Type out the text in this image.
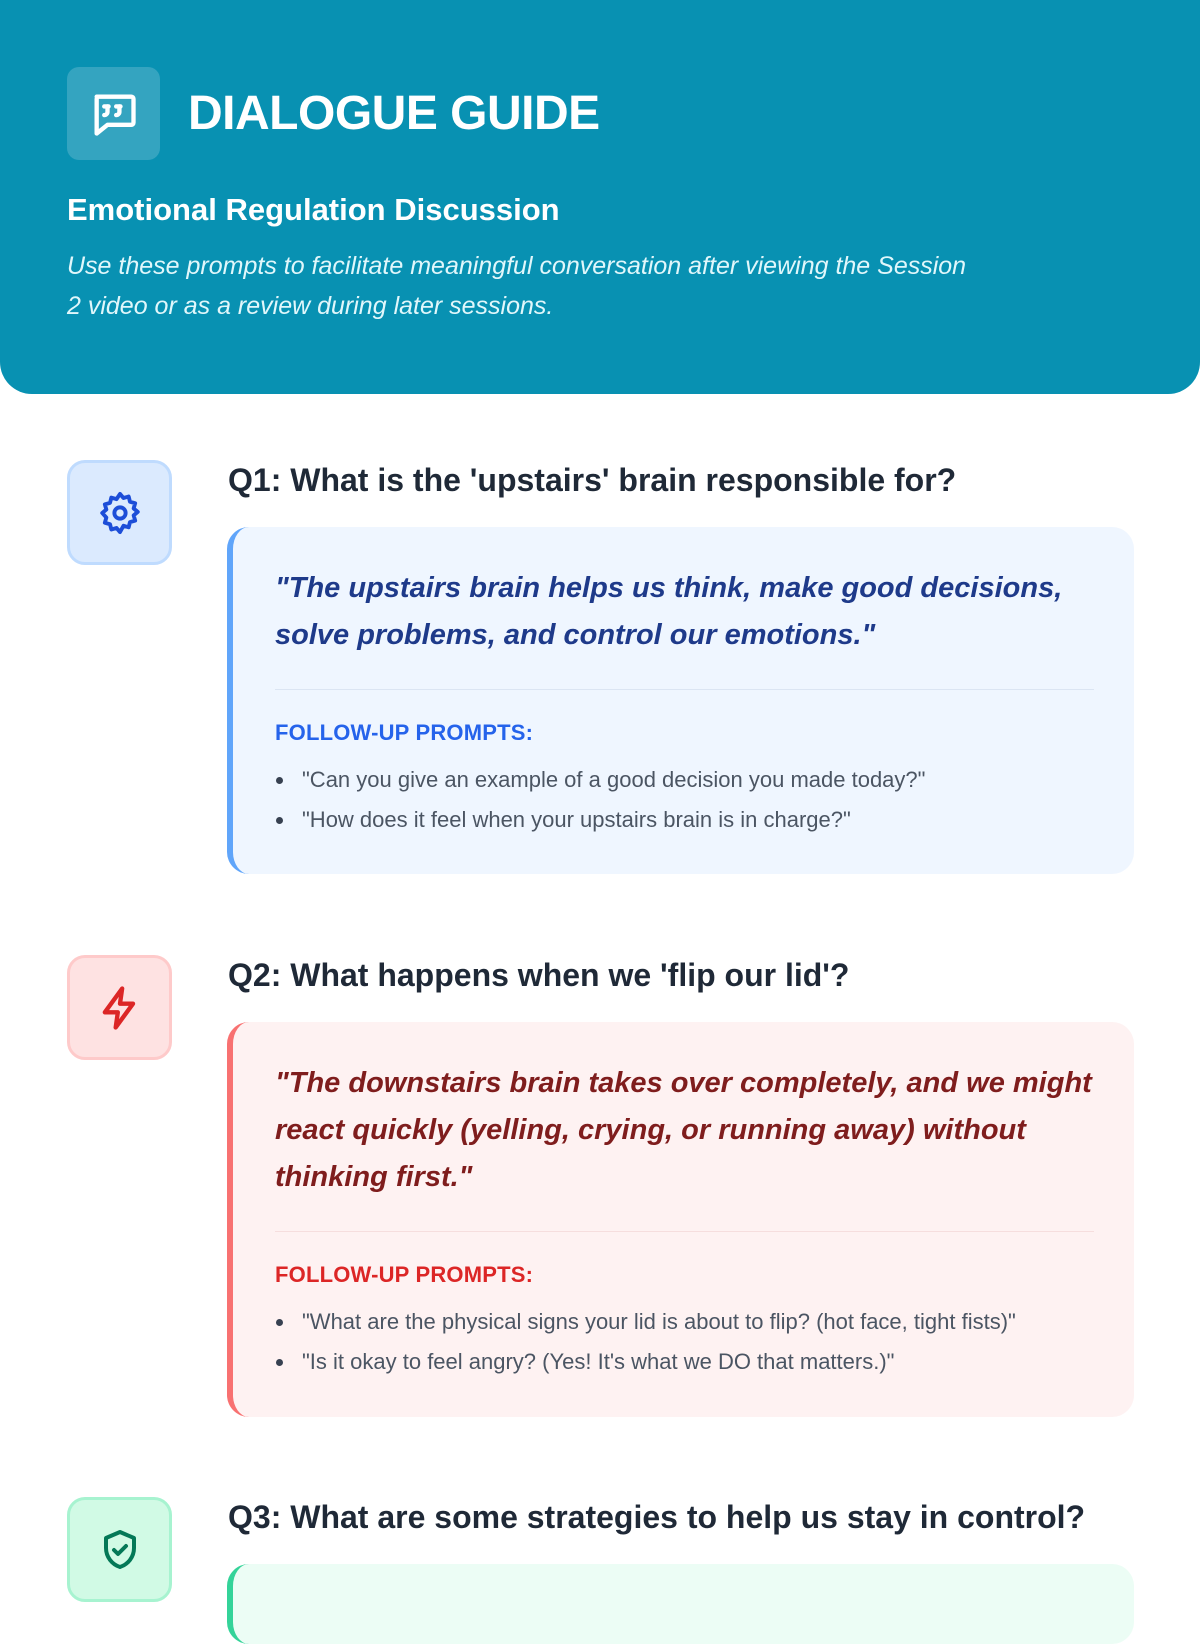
DIALOGUE GUIDE
Emotional Regulation Discussion
Use these prompts to facilitate meaningful conversation after viewing the Session 2 video or as a review during later sessions.
Q1: What is the 'upstairs' brain responsible for?
"The upstairs brain helps us think, make good decisions, solve problems, and control our emotions."
FOLLOW-UP PROMPTS:
"Can you give an example of a good decision you made today?"
"How does it feel when your upstairs brain is in charge?"
Q2: What happens when we 'flip our lid'?
"The downstairs brain takes over completely, and we might react quickly (yelling, crying, or running away) without thinking first."
FOLLOW-UP PROMPTS:
"What are the physical signs your lid is about to flip? (hot face, tight fists)"
"Is it okay to feel angry? (Yes! It's what we DO that matters.)"
Q3: What are some strategies to help us stay in control?
